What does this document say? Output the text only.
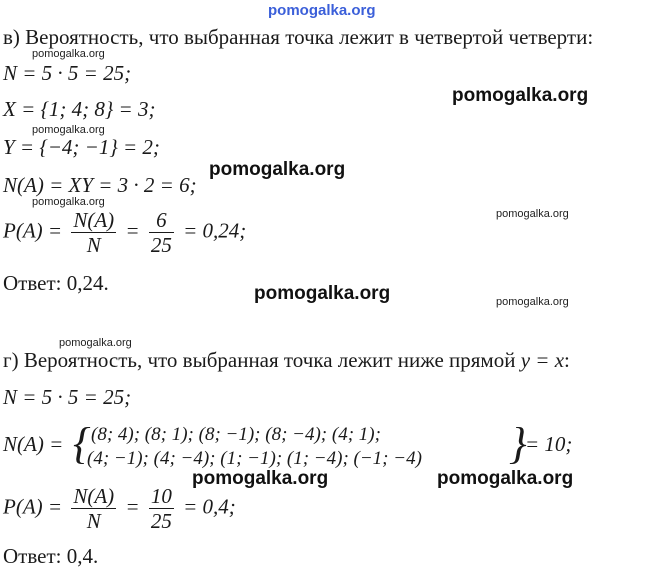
pomogalka.org
pomogalka.org
pomogalka.org
pomogalka.org
pomogalka.org
pomogalka.org
pomogalka.org
pomogalka.org
в) Вероятность, что выбранная точка лежит в четвертой четверти:
N = 5 · 5 = 25;
X = {1; 4; 8} = 3;
Y = {−4; −1} = 2;
N(A) = XY = 3 · 2 = 6;
$P(A) = \frac{N(A)}{N} = \frac{6}{25} = 0,24$;
Ответ: 0,24.
pomogalka.org
pomogalka.org
г) Вероятность, что выбранная точка лежит ниже прямой y = x:
N = 5 · 5 = 25;
N(A) = { (8; 4); (8; 1); (8; −1); (8; −4); (4; 1);
(4; −1); (4; −4); (1; −1); (1; −4); (−1; −4) }
= 10;
$P(A) = \frac{N(A)}{N} = \frac{10}{25} = 0,4$;
Ответ: 0,4.
pomogalka.org	pomogalka.org
